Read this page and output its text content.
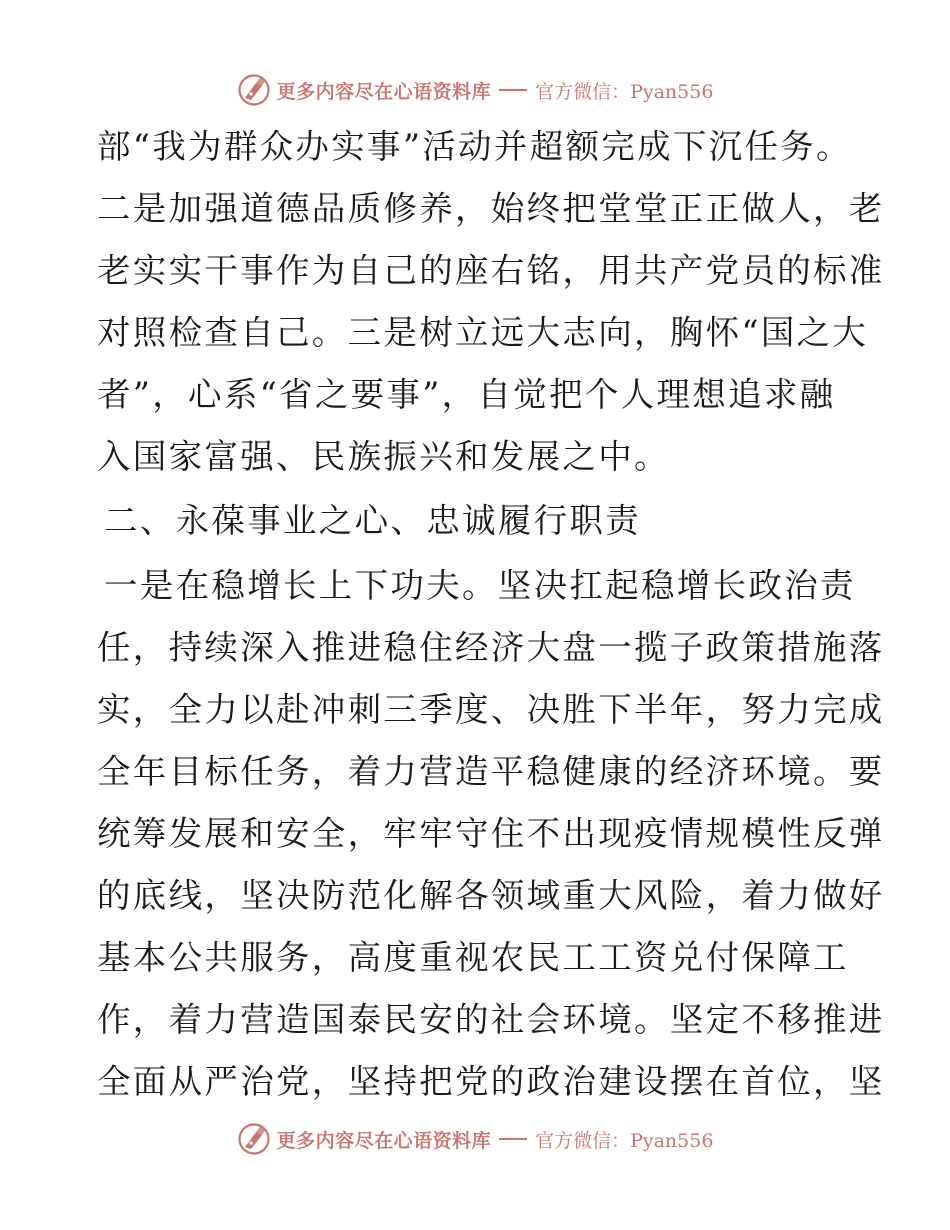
更多内容尽在心语资料库 官方微信：Pyan556
部“我为群众办实事”活动并超额完成下沉任务。
二是加强道德品质修养，始终把堂堂正正做人，老
老实实干事作为自己的座右铭，用共产党员的标准
对照检查自己。三是树立远大志向，胸怀“国之大
者”，心系“省之要事”，自觉把个人理想追求融
入国家富强、民族振兴和发展之中。
二、永葆事业之心、忠诚履行职责
一是在稳增长上下功夫。坚决扛起稳增长政治责
任，持续深入推进稳住经济大盘一揽子政策措施落
实，全力以赴冲刺三季度、决胜下半年，努力完成
全年目标任务，着力营造平稳健康的经济环境。要
统筹发展和安全，牢牢守住不出现疫情规模性反弹
的底线，坚决防范化解各领域重大风险，着力做好
基本公共服务，高度重视农民工工资兑付保障工
作，着力营造国泰民安的社会环境。坚定不移推进
全面从严治党，坚持把党的政治建设摆在首位，坚
更多内容尽在心语资料库 官方微信：Pyan556
